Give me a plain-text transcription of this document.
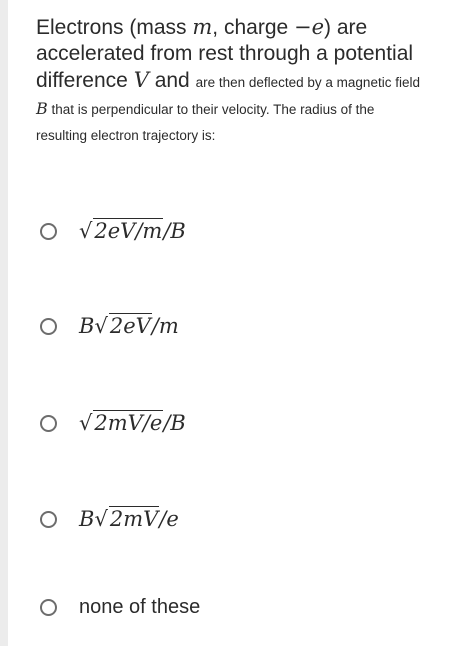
Electrons (mass m, charge −e) are
accelerated from rest through a potential
difference V and are then deflected by a magnetic field
B that is perpendicular to their velocity. The radius of the
resulting electron trajectory is:
√2eV/m/B
B√2eV/m
√2mV/e/B
B√2mV/e
none of these
